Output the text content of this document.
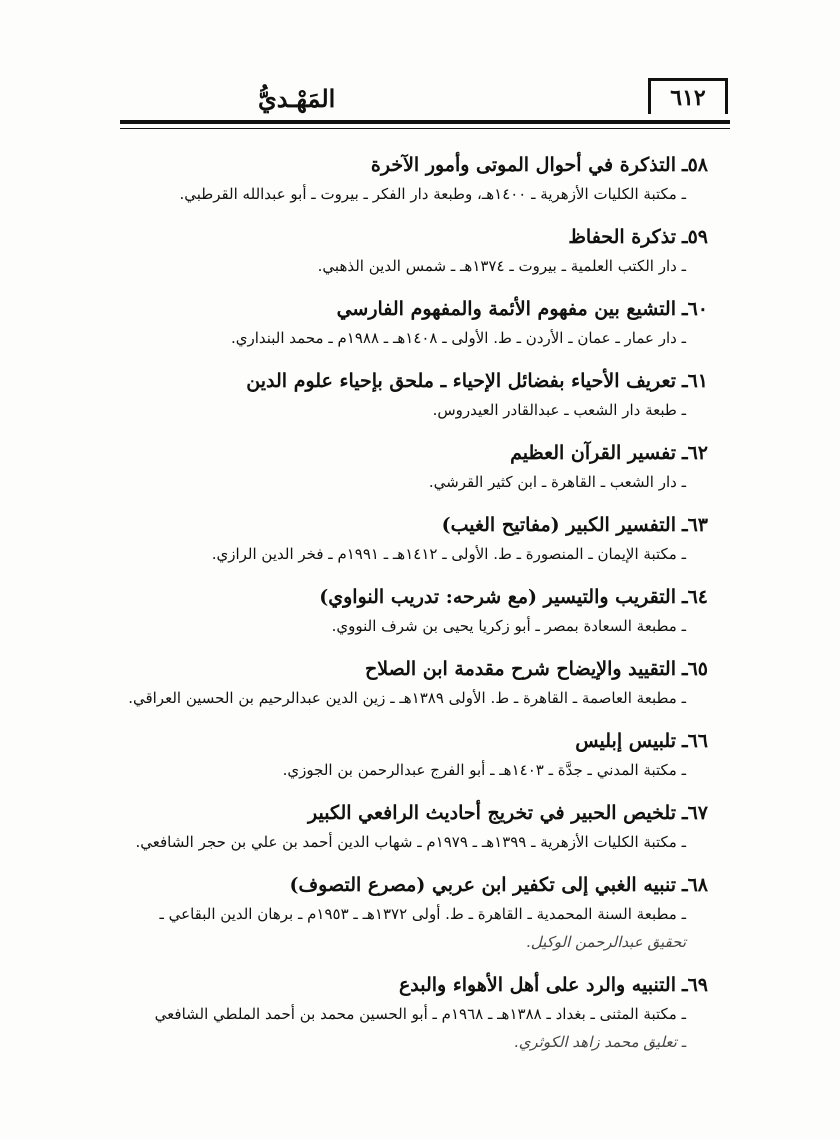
٦١٢
المَهْـديُّ
٥٨ـالتذكرة في أحوال الموتى وأمور الآخرة
ـ مكتبة الكليات الأزهرية ـ ١٤٠٠هـ، وطبعة دار الفكر ـ بيروت ـ أبو عبدالله القرطبي.
٥٩ـتذكرة الحفاظ
ـ دار الكتب العلمية ـ بيروت ـ ١٣٧٤هـ ـ شمس الدين الذهبي.
٦٠ـالتشيع بين مفهوم الأئمة والمفهوم الفارسي
ـ دار عمار ـ عمان ـ الأردن ـ ط. الأولى ـ ١٤٠٨هـ ـ ١٩٨٨م ـ محمد البنداري.
٦١ـتعريف الأحياء بفضائل الإحياء ـ ملحق بإحياء علوم الدين
ـ طبعة دار الشعب ـ عبدالقادر العيدروس.
٦٢ـتفسير القرآن العظيم
ـ دار الشعب ـ القاهرة ـ ابن كثير القرشي.
٦٣ـالتفسير الكبير (مفاتيح الغيب)
ـ مكتبة الإيمان ـ المنصورة ـ ط. الأولى ـ ١٤١٢هـ ـ ١٩٩١م ـ فخر الدين الرازي.
٦٤ـالتقريب والتيسير (مع شرحه: تدريب النواوي)
ـ مطبعة السعادة بمصر ـ أبو زكريا يحيى بن شرف النووي.
٦٥ـالتقييد والإيضاح شرح مقدمة ابن الصلاح
ـ مطبعة العاصمة ـ القاهرة ـ ط. الأولى ١٣٨٩هـ ـ زين الدين عبدالرحيم بن الحسين العراقي.
٦٦ـتلبيس إبليس
ـ مكتبة المدني ـ جدَّة ـ ١٤٠٣هـ ـ أبو الفرج عبدالرحمن بن الجوزي.
٦٧ـتلخيص الحبير في تخريج أحاديث الرافعي الكبير
ـ مكتبة الكليات الأزهرية ـ ١٣٩٩هـ ـ ١٩٧٩م ـ شهاب الدين أحمد بن علي بن حجر الشافعي.
٦٨ـتنبيه الغبي إلى تكفير ابن عربي (مصرع التصوف)
ـ مطبعة السنة المحمدية ـ القاهرة ـ ط. أولى ١٣٧٢هـ ـ ١٩٥٣م ـ برهان الدين البقاعي ـ
تحقيق عبدالرحمن الوكيل.
٦٩ـالتنبيه والرد على أهل الأهواء والبدع
ـ مكتبة المثنى ـ بغداد ـ ١٣٨٨هـ ـ ١٩٦٨م ـ أبو الحسين محمد بن أحمد الملطي الشافعي
ـ تعليق محمد زاهد الكوثري.
